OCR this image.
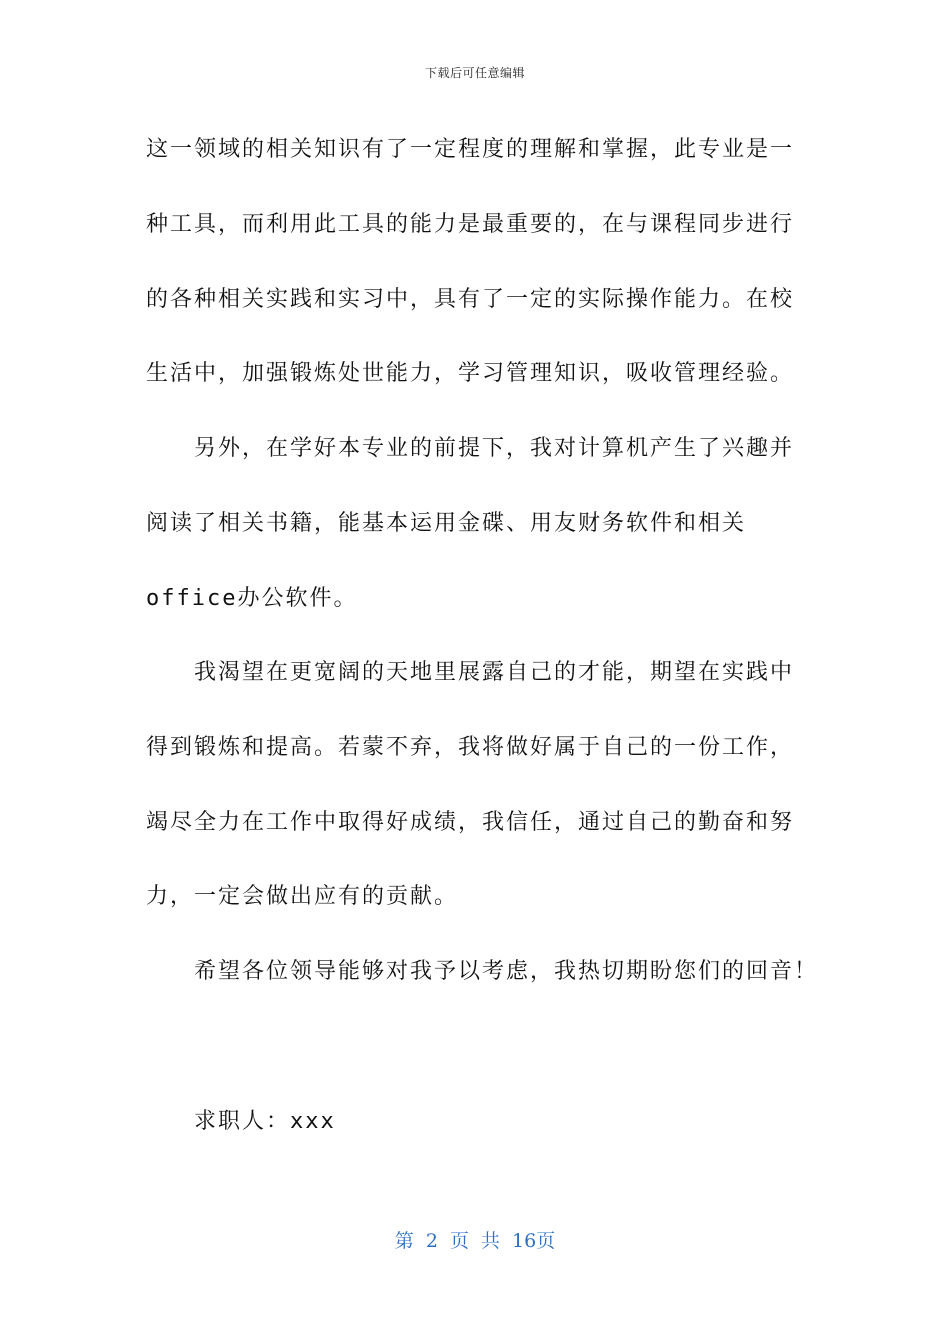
下载后可任意编辑
这一领域的相关知识有了一定程度的理解和掌握，此专业是一
种工具，而利用此工具的能力是最重要的，在与课程同步进行
的各种相关实践和实习中，具有了一定的实际操作能力。在校
生活中，加强锻炼处世能力，学习管理知识，吸收管理经验。
另外，在学好本专业的前提下，我对计算机产生了兴趣并
阅读了相关书籍，能基本运用金碟、用友财务软件和相关
office办公软件。
我渴望在更宽阔的天地里展露自己的才能，期望在实践中
得到锻炼和提高。若蒙不弃，我将做好属于自己的一份工作，
竭尽全力在工作中取得好成绩，我信任，通过自己的勤奋和努
力，一定会做出应有的贡献。
希望各位领导能够对我予以考虑，我热切期盼您们的回音！
求职人：xxx
第 2 页 共 16页
